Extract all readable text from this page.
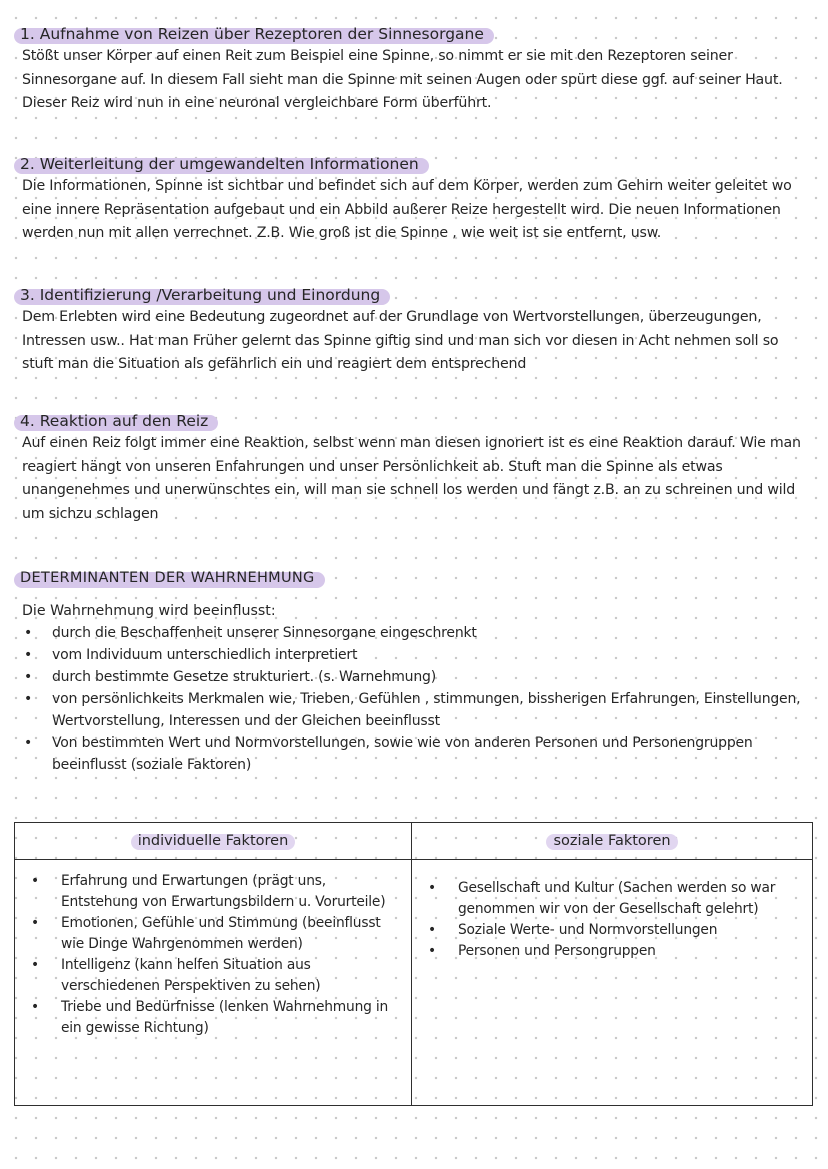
1. Aufnahme von Reizen über Rezeptoren der Sinnesorgane

Stößt unser Körper auf einen Reit zum Beispiel eine Spinne, so nimmt er sie mit den Rezeptoren seiner Sinnesorgane auf. In diesem Fall sieht man die Spinne mit seinen Augen oder spürt diese ggf. auf seiner Haut. Dieser Reiz wird nun in eine neuronal vergleichbare Form überführt.

2. Weiterleitung der umgewandelten Informationen

Die Informationen, Spinne ist sichtbar und befindet sich auf dem Körper, werden zum Gehirn weiter geleitet wo eine innere Repräsentation aufgebaut und ein Abbild außerer Reize hergestellt wird. Die neuen Informationen werden nun mit allen verrechnet. Z.B. Wie groß ist die Spinne , wie weit ist sie entfernt, usw.

3. Identifizierung /Verarbeitung und Einordung

Dem Erlebten wird eine Bedeutung zugeordnet auf der Grundlage von Wertvorstellungen, überzeugungen, Intressen usw.. Hat man Früher gelernt das Spinne giftig sind und man sich vor diesen in Acht nehmen soll so stuft man die Situation als gefährlich ein und reagiert dem entsprechend

4. Reaktion auf den Reiz

Auf einen Reiz folgt immer eine Reaktion, selbst wenn man diesen ignoriert ist es eine Reaktion darauf. Wie man reagiert hängt von unseren Enfahrungen und unser Persönlichkeit ab. Stuft man die Spinne als etwas unangenehmes und unerwünschtes ein, will man sie schnell los werden und fängt z.B. an zu schreinen und wild um sichzu schlagen

DETERMINANTEN DER WAHRNEHMUNG

Die Wahrnehmung wird beeinflusst:

• durch die Beschaffenheit unserer Sinnesorgane eingeschrenkt
• vom Individuum unterschiedlich interpretiert
• durch bestimmte Gesetze strukturiert. (s. Warnehmung)
• von persönlichkeits Merkmalen wie, Trieben, Gefühlen , stimmungen, bissherigen Erfahrungen, Einstellungen, Wertvorstellung, Interessen und der Gleichen beeinflusst
• Von bestimmten Wert und Normvorstellungen, sowie wie von anderen Personen und Personengruppen beeinflusst (soziale Faktoren)
individuelle Faktoren
• Erfahrung und Erwartungen (prägt uns, Entstehung von Erwartungsbildern u. Vorurteile)
• Emotionen, Gefühle und Stimmung (beeinflusst wie Dinge Wahrgenommen werden)
• Intelligenz (kann helfen Situation aus verschiedenen Perspektiven zu sehen)
• Triebe und Bedürfnisse (lenken Wahrnehmung in ein gewisse Richtung)
soziale Faktoren
• Gesellschaft und Kultur (Sachen werden so war genommen wir von der Gesellschaft gelehrt)
• Soziale Werte- und Normvorstellungen
• Personen und Persongruppen
